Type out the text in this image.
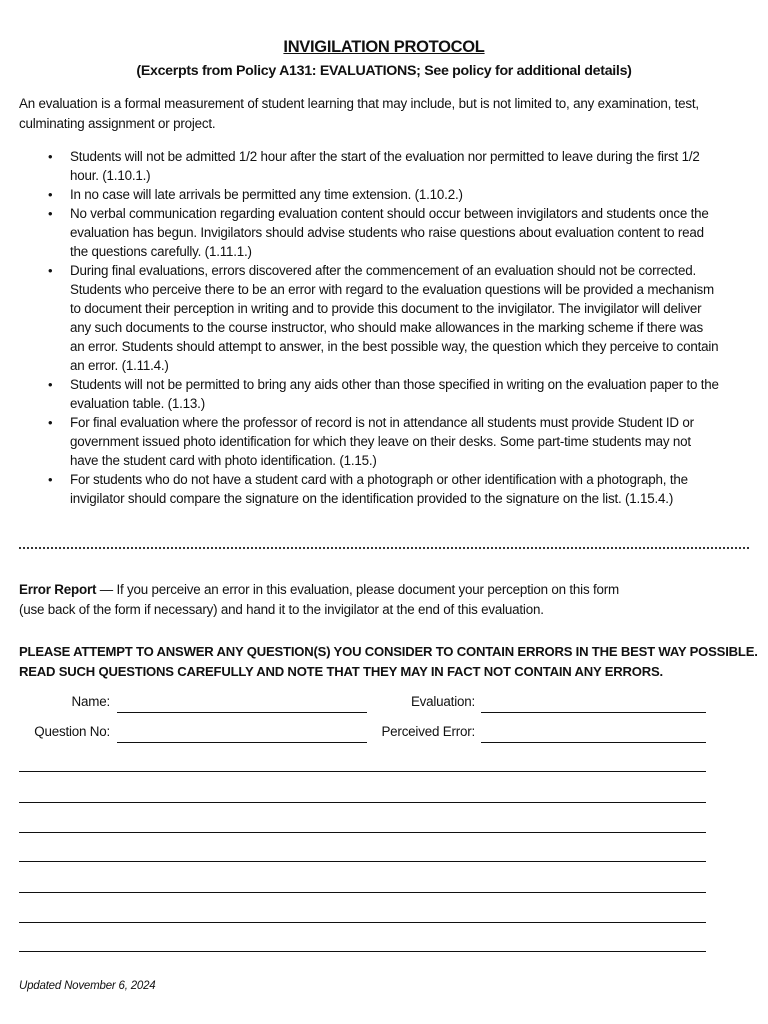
INVIGILATION PROTOCOL
(Excerpts from Policy A131: EVALUATIONS; See policy for additional details)
An evaluation is a formal measurement of student learning that may include, but is not limited to, any examination, test, culminating assignment or project.
• Students will not be admitted 1/2 hour after the start of the evaluation nor permitted to leave during the first 1/2 hour. (1.10.1.)
• In no case will late arrivals be permitted any time extension. (1.10.2.)
• No verbal communication regarding evaluation content should occur between invigilators and students once the evaluation has begun. Invigilators should advise students who raise questions about evaluation content to read the questions carefully. (1.11.1.)
• During final evaluations, errors discovered after the commencement of an evaluation should not be corrected. Students who perceive there to be an error with regard to the evaluation questions will be provided a mechanism to document their perception in writing and to provide this document to the invigilator. The invigilator will deliver any such documents to the course instructor, who should make allowances in the marking scheme if there was an error. Students should attempt to answer, in the best possible way, the question which they perceive to contain an error. (1.11.4.)
• Students will not be permitted to bring any aids other than those specified in writing on the evaluation paper to the evaluation table. (1.13.)
• For final evaluation where the professor of record is not in attendance all students must provide Student ID or government issued photo identification for which they leave on their desks. Some part-time students may not have the student card with photo identification. (1.15.)
• For students who do not have a student card with a photograph or other identification with a photograph, the invigilator should compare the signature on the identification provided to the signature on the list. (1.15.4.)
Error Report — If you perceive an error in this evaluation, please document your perception on this form
(use back of the form if necessary) and hand it to the invigilator at the end of this evaluation.
PLEASE ATTEMPT TO ANSWER ANY QUESTION(S) YOU CONSIDER TO CONTAIN ERRORS IN THE BEST WAY POSSIBLE.
READ SUCH QUESTIONS CAREFULLY AND NOTE THAT THEY MAY IN FACT NOT CONTAIN ANY ERRORS.
Name:	Evaluation:
Question No:	Perceived Error:
Updated November 6, 2024
